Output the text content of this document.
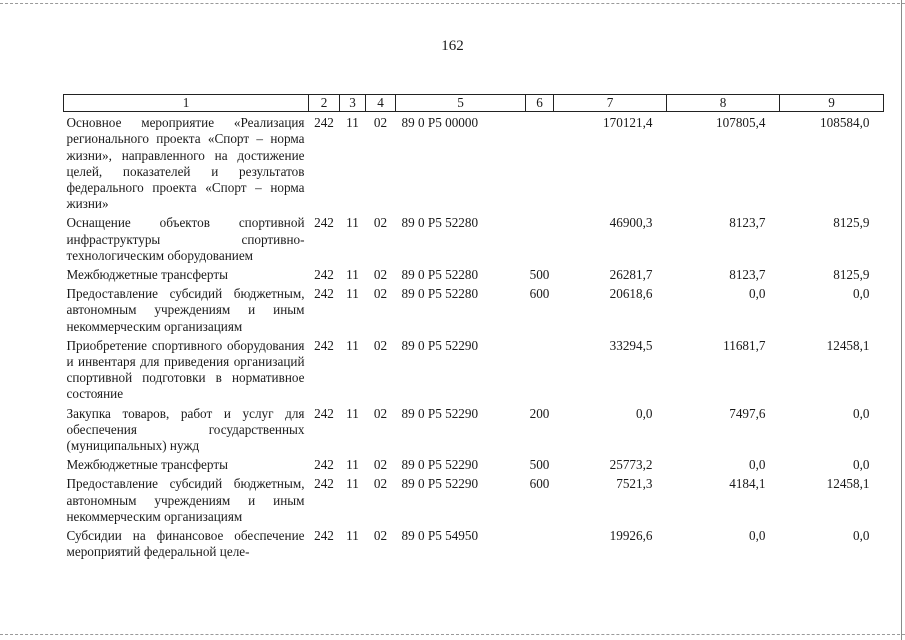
162
1	2	3	4	5	6	7	8	9
Основное мероприятие «Реализация регионального проекта «Спорт – норма жизни», направленного на достижение целей, показателей и результатов федерального проекта «Спорт – норма жизни»	242	11	02	89 0 P5 00000		170121,4	107805,4	108584,0
Оснащение объектов спортивной инфраструктуры спортивно-технологическим оборудованием	242	11	02	89 0 P5 52280		46900,3	8123,7	8125,9
Межбюджетные трансферты	242	11	02	89 0 P5 52280	500	26281,7	8123,7	8125,9
Предоставление субсидий бюджетным, автономным учреждениям и иным некоммерческим организациям	242	11	02	89 0 P5 52280	600	20618,6	0,0	0,0
Приобретение спортивного оборудования и инвентаря для приведения организаций спортивной подготовки в нормативное состояние	242	11	02	89 0 P5 52290		33294,5	11681,7	12458,1
Закупка товаров, работ и услуг для обеспечения государственных (муниципальных) нужд	242	11	02	89 0 P5 52290	200	0,0	7497,6	0,0
Межбюджетные трансферты	242	11	02	89 0 P5 52290	500	25773,2	0,0	0,0
Предоставление субсидий бюджетным, автономным учреждениям и иным некоммерческим организациям	242	11	02	89 0 P5 52290	600	7521,3	4184,1	12458,1
Субсидии на финансовое обеспечение мероприятий федеральной целе-	242	11	02	89 0 P5 54950		19926,6	0,0	0,0
